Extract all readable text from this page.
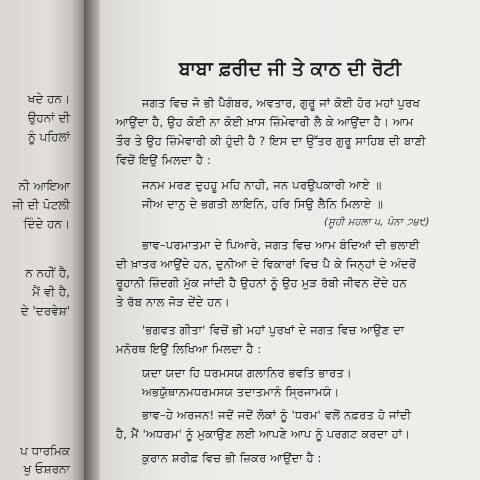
ਖਦੇ ਹਨ।
ਉਹਨਾਂ ਦੀ
ਨੂੰ ਪਹਿਲਾਂ
ਨੀ ਆਇਆ
ਜੀ ਦੀ ਪੋਟਲੀ
ਦਿੰਦੇ ਹਨ।
ਨ ਨਹੀਂ ਹੈ,
ਮੈਂ ਵੀ ਹੈ,
ਦੇ 'ਦਰਵੇਸ਼'
ਪ ਧਾਰਮਿਕ
ਖੁ ਓਸ਼ਰਨਾ
ਬਾਬਾ ਫ਼ਰੀਦ ਜੀ ਤੇ ਕਾਠ ਦੀ ਰੋਟੀ
ਜਗਤ ਵਿਚ ਜੋ ਭੀ ਪੈਗੰਬਰ, ਅਵਤਾਰ, ਗੁਰੂ ਜਾਂ ਕੋਈ ਹੋਰ ਮਹਾਂ ਪੁਰਖ
ਆਉਂਦਾ ਹੈ, ਉਹ ਕੋਈ ਨਾ ਕੋਈ ਖ਼ਾਸ ਜ਼ਿੰਮੇਵਾਰੀ ਲੈ ਕੇ ਆਉਂਦਾ ਹੈ। ਆਮ
ਤੌਰ ਤੇ ਉਹ ਜ਼ਿੰਮੇਵਾਰੀ ਕੀ ਹੁੰਦੀ ਹੈ ? ਇਸ ਦਾ ਉੱਤਰ ਗੁਰੂ ਸਾਹਿਬ ਦੀ ਬਾਣੀ
ਵਿਚੋਂ ਇਉਂ ਮਿਲਦਾ ਹੈ :
ਜਨਮ ਮਰਣ ਦੁਹਹੂ ਮਹਿ ਨਾਹੀ, ਜਨ ਪਰਉਪਕਾਰੀ ਆਏ ॥
ਜੀਅ ਦਾਨੁ ਦੇ ਭਗਤੀ ਲਾਇਨਿ, ਹਰਿ ਸਿਉ ਲੈਨਿ ਮਿਲਾਏ ॥
(ਸੂਹੀ ਮਹਲਾ ੫, ਪੰਨਾ ੭੪੯)
ਭਾਵ–ਪਰਮਾਤਮਾ ਦੇ ਪਿਆਰੇ, ਜਗਤ ਵਿਚ ਆਮ ਬੰਦਿਆਂ ਦੀ ਭਲਾਈ
ਦੀ ਖ਼ਾਤਰ ਆਉਂਦੇ ਹਨ, ਦੁਨੀਆ ਦੇ ਵਿਕਾਰਾਂ ਵਿਚ ਪੈ ਕੇ ਜਿਨ੍ਹਾਂ ਦੇ ਅੰਦਰੋਂ
ਰੂਹਾਨੀ ਜ਼ਿੰਦਗੀ ਮੁੱਕ ਜਾਂਦੀ ਹੈ ਉਹਨਾਂ ਨੂੰ ਉਹ ਮੁੜ ਰੱਬੀ ਜੀਵਨ ਦੇਂਦੇ ਹਨ
ਤੇ ਰੱਬ ਨਾਲ ਜੋੜ ਦੇਂਦੇ ਹਨ।
'ਭਗਵਤ ਗੀਤਾ' ਵਿਚੋਂ ਭੀ ਮਹਾਂ ਪੁਰਖਾਂ ਦੇ ਜਗਤ ਵਿਚ ਆਉਣ ਦਾ
ਮਨੋਰਥ ਇਉਂ ਲਿਖਿਆ ਮਿਲਦਾ ਹੈ :
ਯਦਾ ਯਦਾ ਹਿ ਧਰਮਸਯ ਗਲਾਨਿਰ ਭਵਤਿ ਭਾਰਤ।
ਅਭਯੁੱਥਾਨਮਧਰਮਸਯ ਤਦਾਤਮਾਨੰ ਸ੍ਰਿਜਾਮਯੰ।
ਭਾਵ–ਹੇ ਅਰਜਨ! ਜਦੋਂ ਜਦੋਂ ਲੋਕਾਂ ਨੂੰ 'ਧਰਮ' ਵਲੋਂ ਨਫ਼ਰਤ ਹੋ ਜਾਂਦੀ
ਹੈ, ਮੈਂ 'ਅਧਰਮ' ਨੂੰ ਮੁਕਾਉਣ ਲਈ ਆਪਣੇ ਆਪ ਨੂੰ ਪਰਗਟ ਕਰਦਾ ਹਾਂ।
ਕੁਰਾਨ ਸ਼ਰੀਫ਼ ਵਿਚ ਭੀ ਜ਼ਿਕਰ ਆਉਂਦਾ ਹੈ :
